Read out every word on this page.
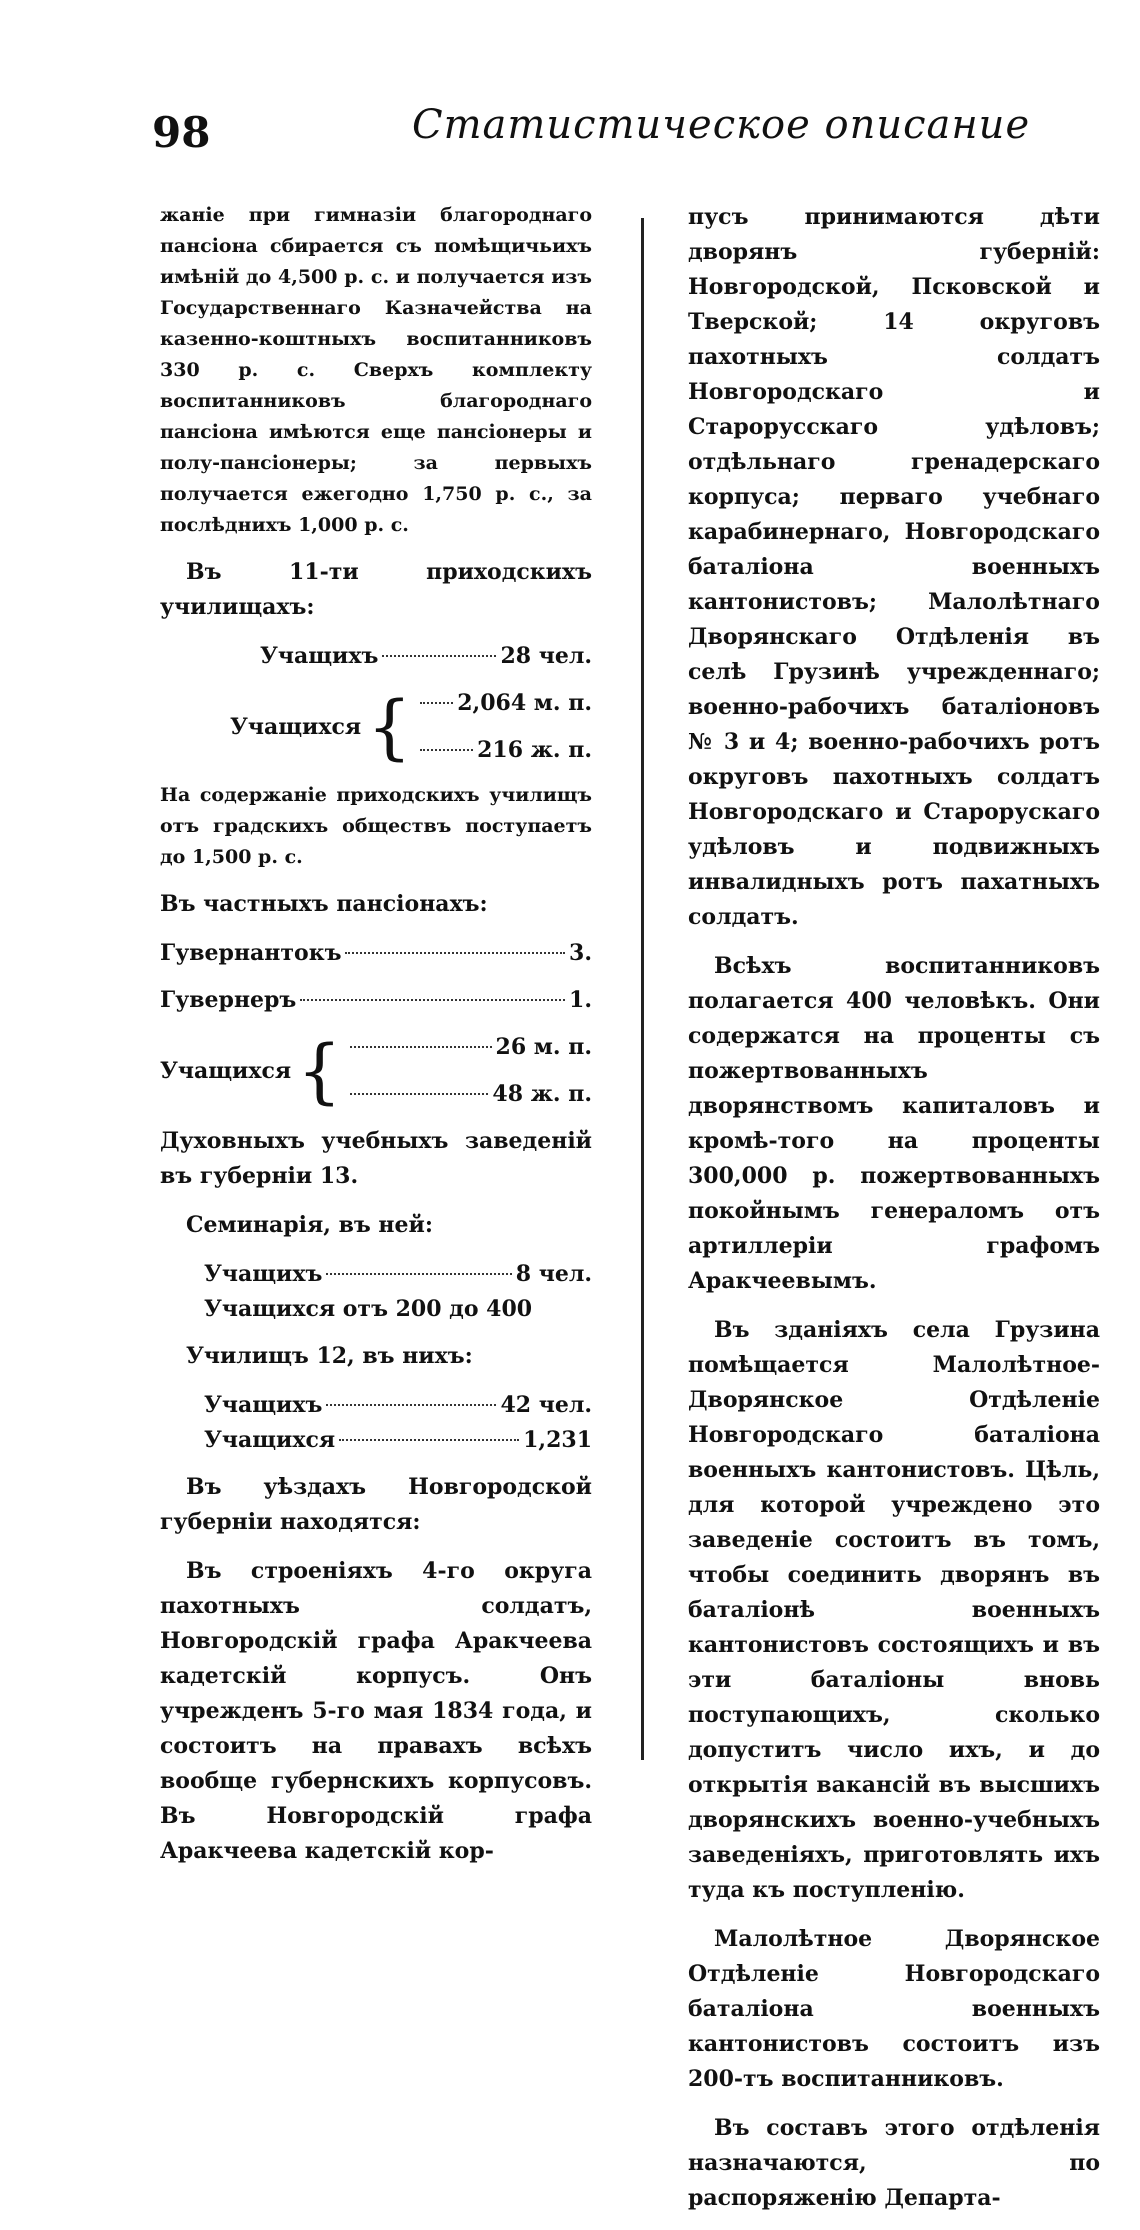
98	Статистическое описание

жаніе при гимназіи благороднаго пансіона сбирается съ помѣщичьихъ имѣній до 4,500 р. с. и получается изъ Государственнаго Казначейства на казенно-коштныхъ воспитанниковъ 330 р. с. Сверхъ комплекту воспитанниковъ благороднаго пансіона имѣются еще пансіонеры и полу-пансіонеры; за первыхъ получается ежегодно 1,750 р. с., за послѣднихъ 1,000 р. с.

Въ 11-ти приходскихъ училищахъ:

Учащихъ	28 чел.
Учащихся { 2,064 м. п.
216 ж. п.

На содержаніе приходскихъ училищъ отъ градскихъ обществъ поступаетъ до 1,500 р. с.

Въ частныхъ пансіонахъ:

Гувернантокъ	3.
Гувернеръ	1.
Учащихся {	26 м. п.
48 ж. п.

Духовныхъ учебныхъ заведеній въ губерніи 13.

Семинарія, въ ней:

Учащихъ	8 чел.
Учащихся отъ 200 до 400

Училищъ 12, въ нихъ:

Учащихъ	42 чел.
Учащихся	1,231

Въ уѣздахъ Новгородской губерніи находятся:

Въ строеніяхъ 4-го округа пахотныхъ солдатъ, Новгородскій графа Аракчеева кадетскій корпусъ. Онъ учрежденъ 5-го мая 1834 года, и состоитъ на правахъ всѣхъ вообще губернскихъ корпусовъ. Въ Новгородскій графа Аракчеева кадетскій кор-

пусъ принимаются дѣти дворянъ губерній: Новгородской, Псковской и Тверской; 14 округовъ пахотныхъ солдатъ Новгородскаго и Старорусскаго удѣловъ; отдѣльнаго гренадерскаго корпуса; перваго учебнаго карабинернаго, Новгородскаго баталіона военныхъ кантонистовъ; Малолѣтнаго Дворянскаго Отдѣленія въ селѣ Грузинѣ учрежденнаго; военно-рабочихъ баталіоновъ № 3 и 4; военно-рабочихъ ротъ округовъ пахотныхъ солдатъ Новгородскаго и Старорускаго удѣловъ и подвижныхъ инвалидныхъ ротъ пахатныхъ солдатъ.

Всѣхъ воспитанниковъ полагается 400 человѣкъ. Они содержатся на проценты съ пожертвованныхъ дворянствомъ капиталовъ и кромѣ-того на проценты 300,000 р. пожертвованныхъ покойнымъ генераломъ отъ артиллеріи графомъ Аракчеевымъ.

Въ зданіяхъ села Грузина помѣщается Малолѣтное-Дворянское Отдѣленіе Новгородскаго баталіона военныхъ кантонистовъ. Цѣль, для которой учреждено это заведеніе состоитъ въ томъ, чтобы соединить дворянъ въ баталіонѣ военныхъ кантонистовъ состоящихъ и въ эти баталіоны вновь поступающихъ, сколько допуститъ число ихъ, и до открытія вакансій въ высшихъ дворянскихъ военно-учебныхъ заведеніяхъ, приготовлять ихъ туда къ поступленію.

Малолѣтное Дворянское Отдѣленіе Новгородскаго баталіона военныхъ кантонистовъ состоитъ изъ 200-тъ воспитанниковъ.

Въ составъ этого отдѣленія назначаются, по распоряженію Департа-
